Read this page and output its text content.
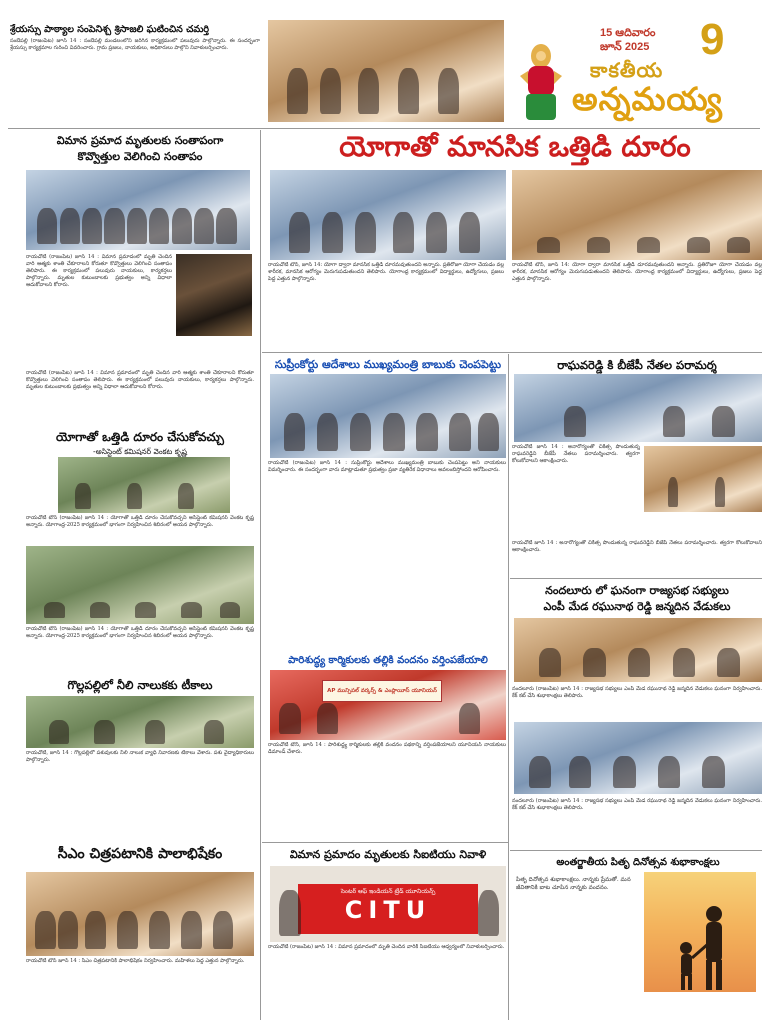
15 ఆదివారం
జూన్ 2025	9
కాకతీయ
అన్నమయ్య
శ్రేయస్సు పాఠ్యాల సంపెనిశ్చ శ్రిసాజలి ఘటించిన చమర్తి
సంబేపల్లి (రాజంపేట) జూన్ 14 : సంబేపల్లి మండలంలోని జరిగిన కార్యక్రమంలో పలువురు పాల్గొన్నారు. ఈ సందర్భంగా శ్రేయస్సు కార్యక్రమాల గురించి వివరించారు. గ్రామ ప్రజలు, నాయకులు, అధికారులు పాల్గొని నివాళులర్పించారు.
విమాన ప్రమాద మృతులకు సంతాపంగా
కొవ్వొత్తుల వెలిగించి సంతాపం
రాయచోటి (రాజంపేట) జూన్ 14 : విమాన ప్రమాదంలో మృతి చెందిన వారి ఆత్మకు శాంతి చేకూరాలని కోరుతూ కొవ్వొత్తులు వెలిగించి సంతాపం తెలిపారు. ఈ కార్యక్రమంలో పలువురు నాయకులు, కార్యకర్తలు పాల్గొన్నారు. మృతుల కుటుంబాలకు ప్రభుత్వం అన్ని విధాలా ఆదుకోవాలని కోరారు.
రాయచోటి (రాజంపేట) జూన్ 14 : విమాన ప్రమాదంలో మృతి చెందిన వారి ఆత్మకు శాంతి చేకూరాలని కోరుతూ కొవ్వొత్తులు వెలిగించి సంతాపం తెలిపారు. ఈ కార్యక్రమంలో పలువురు నాయకులు, కార్యకర్తలు పాల్గొన్నారు. మృతుల కుటుంబాలకు ప్రభుత్వం అన్ని విధాలా ఆదుకోవాలని కోరారు.
యోగాతో ఒత్తిడి దూరం చేసుకోవచ్చు
-అసిస్టెంట్ కమిషనర్ వెంకట కృష్ణ
రాయచోటి టౌన్ (రాజంపేట) జూన్ 14 : యోగాతో ఒత్తిడి దూరం చేసుకోవచ్చని అసిస్టెంట్ కమిషనర్ వెంకట కృష్ణ అన్నారు. యోగాంధ్ర-2025 కార్యక్రమంలో భాగంగా నిర్వహించిన శిబిరంలో ఆయన పాల్గొన్నారు.
రాయచోటి టౌన్ (రాజంపేట) జూన్ 14 : యోగాతో ఒత్తిడి దూరం చేసుకోవచ్చని అసిస్టెంట్ కమిషనర్ వెంకట కృష్ణ అన్నారు. యోగాంధ్ర-2025 కార్యక్రమంలో భాగంగా నిర్వహించిన శిబిరంలో ఆయన పాల్గొన్నారు.
గొల్లపల్లిలో నీలి నాలుకకు టీకాలు
రాయచోటి, జూన్ 14 : గొల్లపల్లిలో పశువులకు నీలి నాలుక వ్యాధి నివారణకు టీకాలు వేశారు. పశు వైద్యాధికారులు పాల్గొన్నారు.
సీఎం చిత్రపటానికి పాలాభిషేకం
రాయచోటి టౌన్ జూన్ 14 : సీఎం చిత్రపటానికి పాలాభిషేకం నిర్వహించారు. మహిళలు పెద్ద ఎత్తున పాల్గొన్నారు.
యోగాతో మానసిక ఒత్తిడి దూరం
రాయచోటి టౌన్, జూన్ 14: యోగా ద్వారా మానసిక ఒత్తిడి దూరమవుతుందని అన్నారు. ప్రతిరోజూ యోగా చేయడం వల్ల శారీరక, మానసిక ఆరోగ్యం మెరుగుపడుతుందని తెలిపారు. యోగాంధ్ర కార్యక్రమంలో విద్యార్థులు, ఉద్యోగులు, ప్రజలు పెద్ద ఎత్తున పాల్గొన్నారు.
రాయచోటి టౌన్, జూన్ 14: యోగా ద్వారా మానసిక ఒత్తిడి దూరమవుతుందని అన్నారు. ప్రతిరోజూ యోగా చేయడం వల్ల శారీరక, మానసిక ఆరోగ్యం మెరుగుపడుతుందని తెలిపారు. యోగాంధ్ర కార్యక్రమంలో విద్యార్థులు, ఉద్యోగులు, ప్రజలు పెద్ద ఎత్తున పాల్గొన్నారు.
సుప్రీంకోర్టు ఆదేశాలు ముఖ్యమంత్రి బాబుకు చెంపపెట్టు
రాయచోటి (రాజంపేట) జూన్ 14 : సుప్రీంకోర్టు ఆదేశాలు ముఖ్యమంత్రి బాబుకు చెంపపెట్టు అని నాయకులు విమర్శించారు. ఈ సందర్భంగా వారు మాట్లాడుతూ ప్రభుత్వం ప్రజా వ్యతిరేక విధానాలు అవలంబిస్తోందని ఆరోపించారు.
రాఘవరెడ్డి కి బీజేపీ నేతల పరామర్శ
రాయచోటి జూన్ 14 : అనారోగ్యంతో చికిత్స పొందుతున్న రాఘవరెడ్డిని బీజేపీ నేతలు పరామర్శించారు. త్వరగా కోలుకోవాలని ఆకాంక్షించారు.
రాయచోటి జూన్ 14 : అనారోగ్యంతో చికిత్స పొందుతున్న రాఘవరెడ్డిని బీజేపీ నేతలు పరామర్శించారు. త్వరగా కోలుకోవాలని ఆకాంక్షించారు.
నందలూరు లో ఘనంగా రాజ్యసభ సభ్యులు
ఎంపీ మేడ రఘునాథ రెడ్డి జన్మదిన వేడుకలు
నందలూరు (రాజంపేట) జూన్ 14 : రాజ్యసభ సభ్యులు ఎంపీ మేడ రఘునాథ రెడ్డి జన్మదిన వేడుకలు ఘనంగా నిర్వహించారు. కేక్ కట్ చేసి శుభాకాంక్షలు తెలిపారు.
నందలూరు (రాజంపేట) జూన్ 14 : రాజ్యసభ సభ్యులు ఎంపీ మేడ రఘునాథ రెడ్డి జన్మదిన వేడుకలు ఘనంగా నిర్వహించారు. కేక్ కట్ చేసి శుభాకాంక్షలు తెలిపారు.
పారిశుద్ధ్య కార్మికులకు తల్లికి వందనం వర్తింపజేయాలి
AP మున్సిపల్ వర్కర్స్ & ఎంప్లాయీస్ యూనియన్
రాయచోటి టౌన్, జూన్ 14 : పారిశుద్ధ్య కార్మికులకు తల్లికి వందనం పథకాన్ని వర్తింపజేయాలని యూనియన్ నాయకులు డిమాండ్ చేశారు.
విమాన ప్రమాదం మృతులకు సిఐటియు నివాళి
సెంటర్ ఆఫ్ ఇండియన్ ట్రేడ్ యూనియన్స్
CITU
రాయచోటి (రాజంపేట) జూన్ 14 : విమాన ప్రమాదంలో మృతి చెందిన వారికి సిఐటియు ఆధ్వర్యంలో నివాళులర్పించారు.
అంతర్జాతీయ పితృ దినోత్సవ శుభాకాంక్షలు
పితృ దినోత్సవ శుభాకాంక్షలు. నాన్నకు ప్రేమతో. మన జీవితానికి బాట చూపిన నాన్నకు వందనం.
